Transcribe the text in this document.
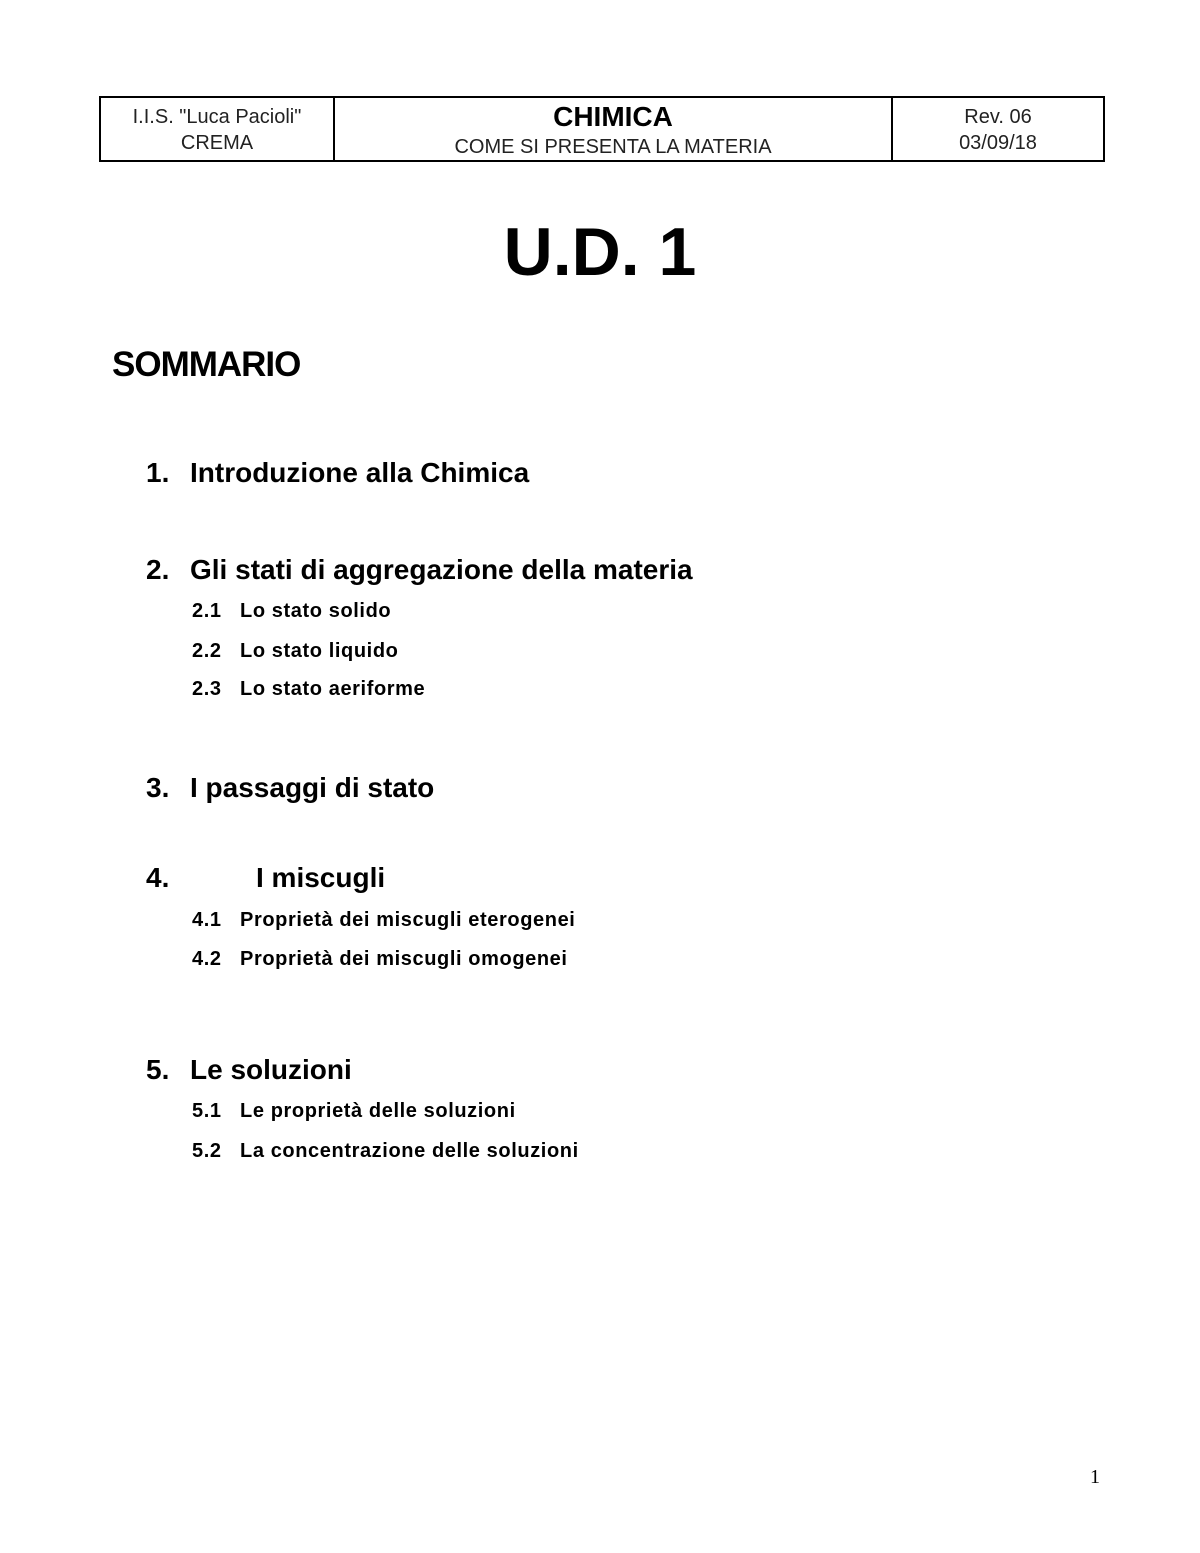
I.I.S. "Luca Pacioli"
CREMA

CHIMICA
COME SI PRESENTA LA MATERIA

Rev. 06
03/09/18
U.D. 1
SOMMARIO
1. Introduzione alla Chimica
2. Gli stati di aggregazione della materia
2.1 Lo stato solido
2.2 Lo stato liquido
2.3 Lo stato aeriforme
3. I passaggi di stato
4.	I miscugli
4.1 Proprietà dei miscugli eterogenei
4.2 Proprietà dei miscugli omogenei
5. Le soluzioni
5.1 Le proprietà delle soluzioni
5.2 La concentrazione delle soluzioni
1
